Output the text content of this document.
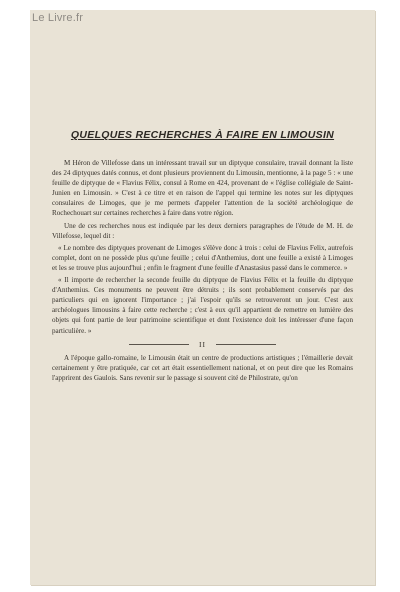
Le Livre.fr
QUELQUES RECHERCHES À FAIRE EN LIMOUSIN

M Héron de Villefosse dans un intéressant travail sur un diptyque consulaire, travail donnant la liste des 24 diptyques datés connus, et dont plusieurs proviennent du Limousin, mentionne, à la page 5 : « une feuille de diptyque de « Flavius Félix, consul à Rome en 424, provenant de « l'église collégiale de Saint-Junien en Limousin. » C'est à ce titre et en raison de l'appel qui termine les notes sur les diptyques consulaires de Limoges, que je me permets d'appeler l'attention de la société archéologique de Rochechouart sur certaines recherches à faire dans votre région.

Une de ces recherches nous est indiquée par les deux derniers paragraphes de l'étude de M. H. de Villefosse, lequel dit :

« Le nombre des diptyques provenant de Limoges s'élève donc à trois : celui de Flavius Felix, autrefois complet, dont on ne possède plus qu'une feuille ; celui d'Anthemius, dont une feuille a existé à Limoges et les se trouve plus aujourd'hui ; enfin le fragment d'une feuille d'Anastasius passé dans le commerce. »

« Il importe de rechercher la seconde feuille du diptyque de Flavius Félix et la feuille du diptyque d'Anthemius. Ces monuments ne peuvent être détruits ; ils sont probablement conservés par des particuliers qui en ignorent l'importance ; j'ai l'espoir qu'ils se retrouveront un jour. C'est aux archéologues limousins à faire cette recherche ; c'est à eux qu'il appartient de remettre en lumière des objets qui font partie de leur patrimoine scientifique et dont l'existence doit les intéresser d'une façon particulière. »

II

A l'époque gallo-romaine, le Limousin était un centre de productions artistiques ; l'émaillerie devait certainement y être pratiquée, car cet art était essentiellement national, et on peut dire que les Romains l'apprirent des Gaulois. Sans revenir sur le passage si souvent cité de Philostrate, qu'on
